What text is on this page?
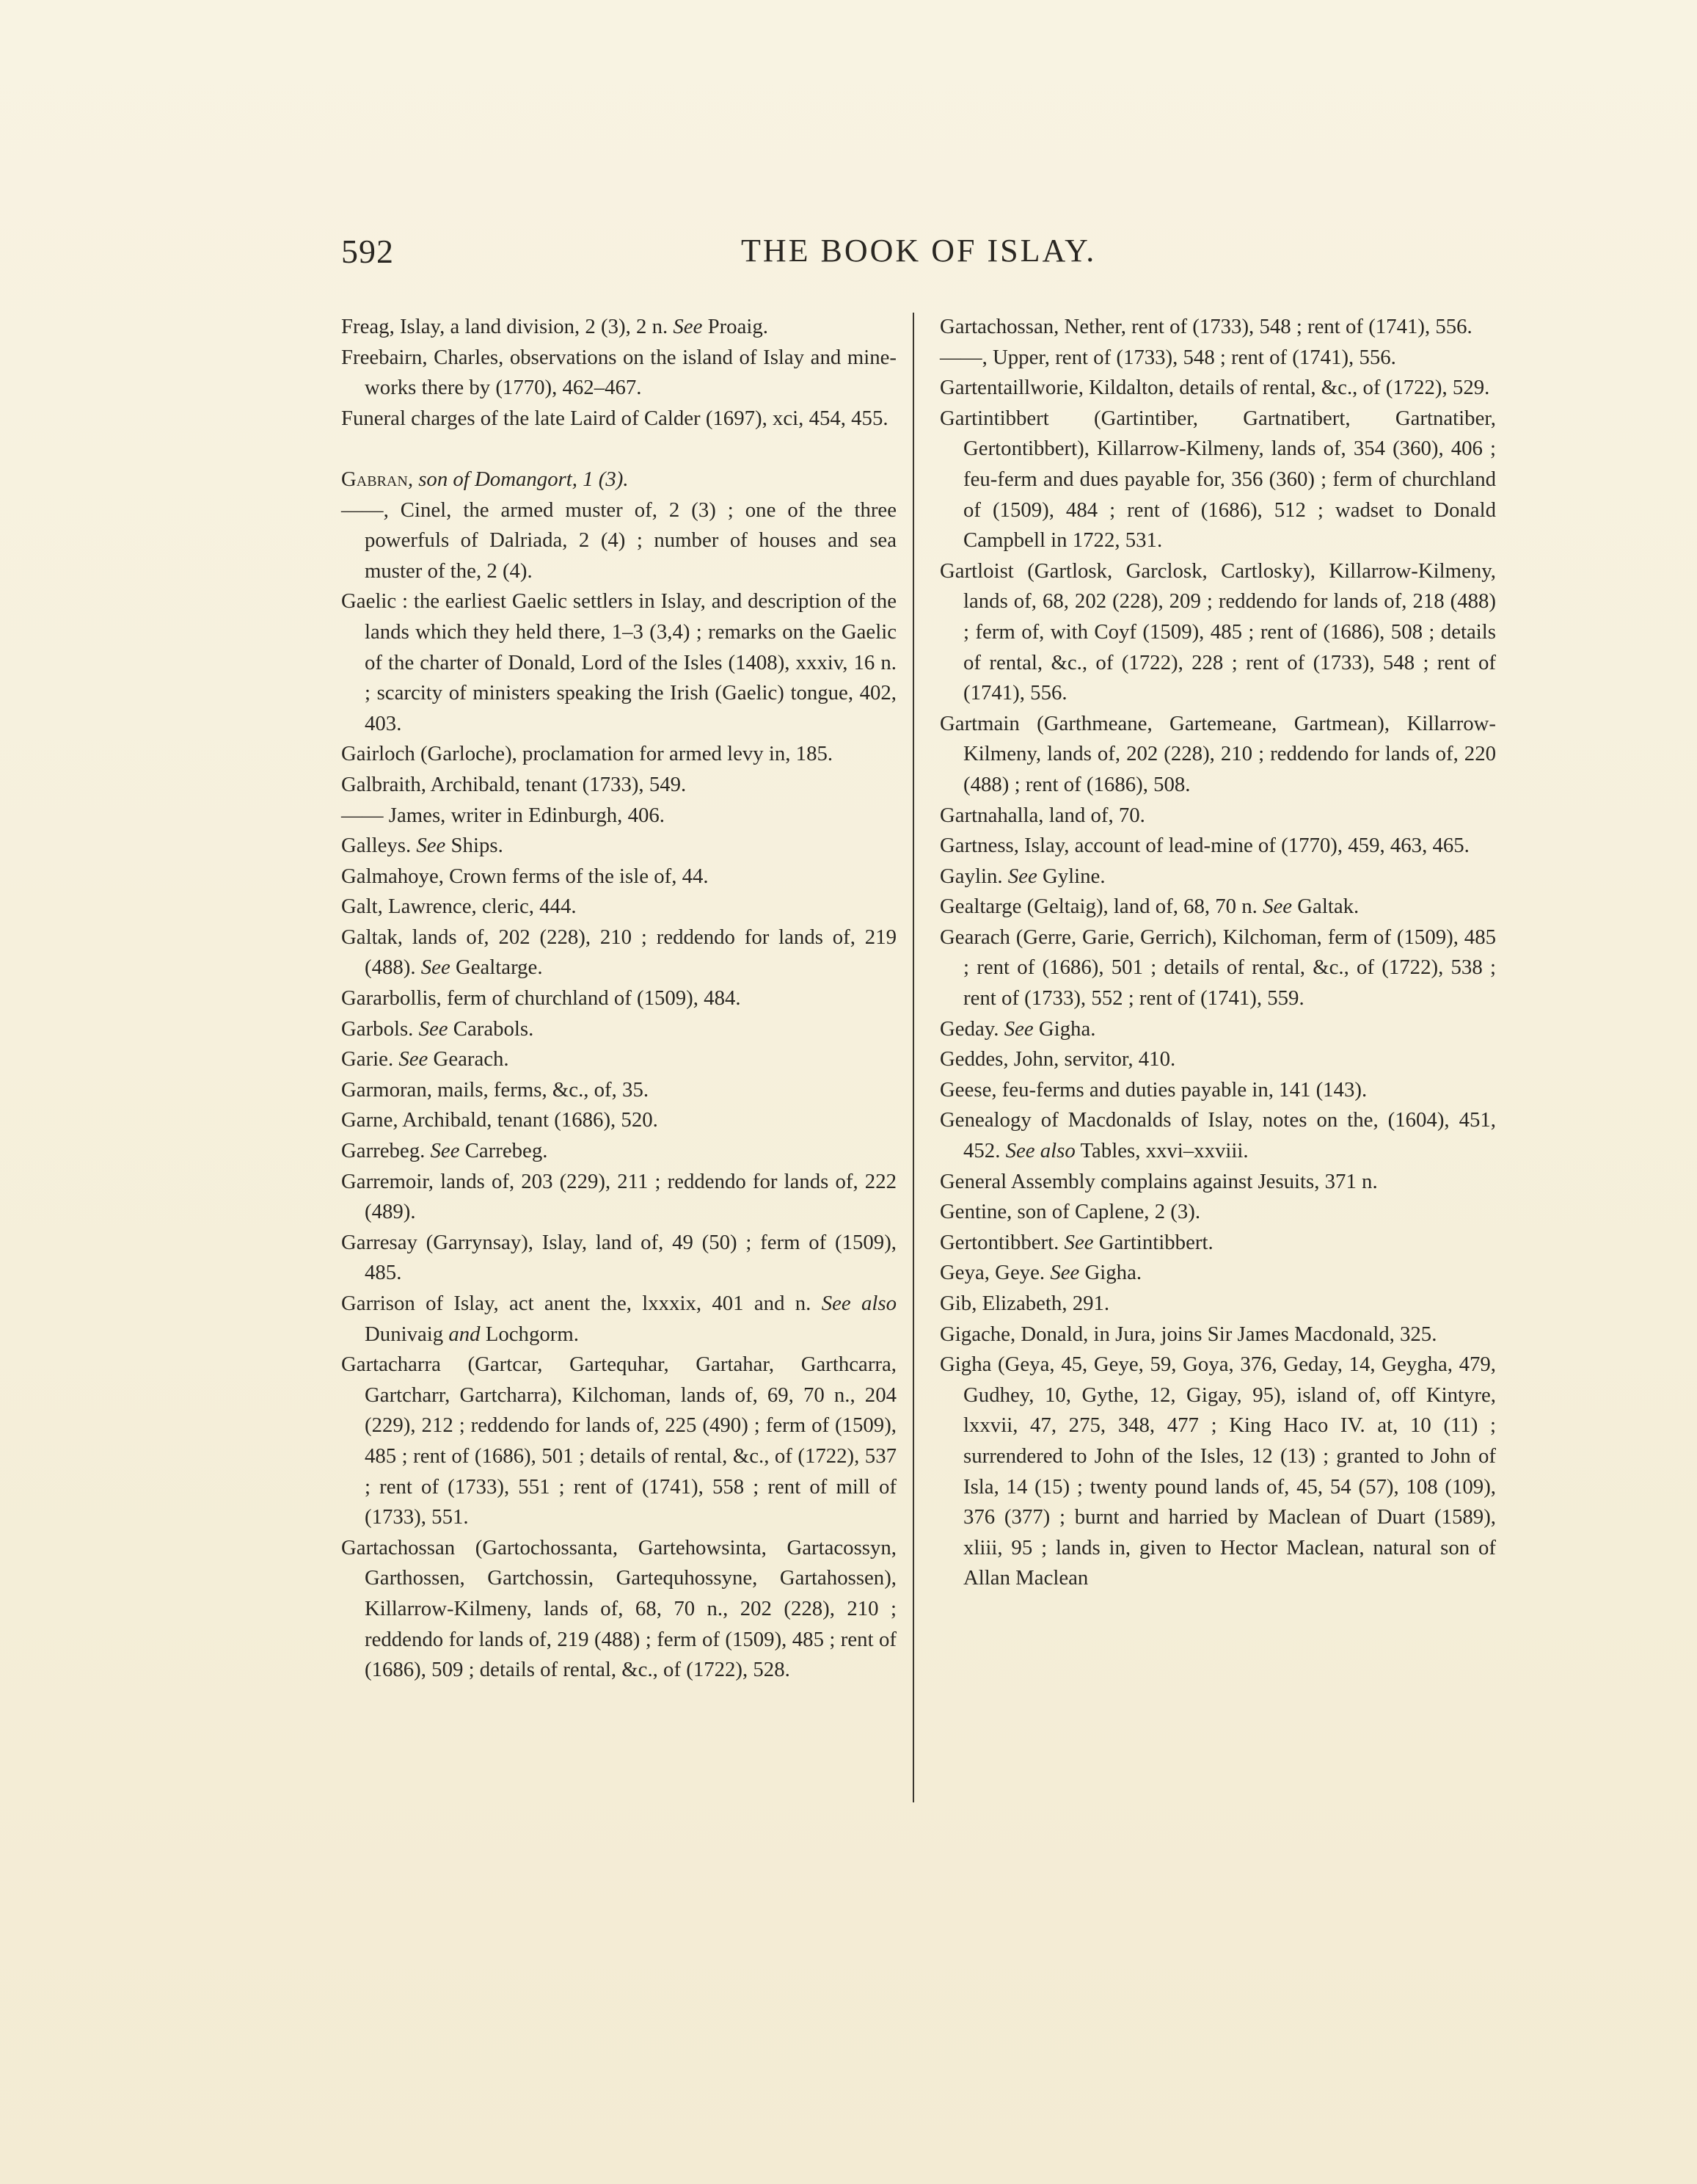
592	THE BOOK OF ISLAY.

Freag, Islay, a land division, 2 (3), 2 n. See Proaig.

Freebairn, Charles, observations on the island of Islay and mine-works there by (1770), 462–467.

Funeral charges of the late Laird of Calder (1697), xci, 454, 455.

Gabran, son of Domangort, 1 (3).

——, Cinel, the armed muster of, 2 (3) ; one of the three powerfuls of Dalriada, 2 (4) ; number of houses and sea muster of the, 2 (4).

Gaelic : the earliest Gaelic settlers in Islay, and description of the lands which they held there, 1–3 (3,4) ; remarks on the Gaelic of the charter of Donald, Lord of the Isles (1408), xxxiv, 16 n. ; scarcity of ministers speaking the Irish (Gaelic) tongue, 402, 403.

Gairloch (Garloche), proclamation for armed levy in, 185.

Galbraith, Archibald, tenant (1733), 549.

—— James, writer in Edinburgh, 406.

Galleys. See Ships.

Galmahoye, Crown ferms of the isle of, 44.

Galt, Lawrence, cleric, 444.

Galtak, lands of, 202 (228), 210 ; reddendo for lands of, 219 (488). See Gealtarge.

Gararbollis, ferm of churchland of (1509), 484.

Garbols. See Carabols.

Garie. See Gearach.

Garmoran, mails, ferms, &c., of, 35.

Garne, Archibald, tenant (1686), 520.

Garrebeg. See Carrebeg.

Garremoir, lands of, 203 (229), 211 ; reddendo for lands of, 222 (489).

Garresay (Garrynsay), Islay, land of, 49 (50) ; ferm of (1509), 485.

Garrison of Islay, act anent the, lxxxix, 401 and n. See also Dunivaig and Lochgorm.

Gartacharra (Gartcar, Gartequhar, Gartahar, Garthcarra, Gartcharr, Gartcharra), Kilchoman, lands of, 69, 70 n., 204 (229), 212 ; reddendo for lands of, 225 (490) ; ferm of (1509), 485 ; rent of (1686), 501 ; details of rental, &c., of (1722), 537 ; rent of (1733), 551 ; rent of (1741), 558 ; rent of mill of (1733), 551.

Gartachossan (Gartochossanta, Gartehowsinta, Gartacossyn, Garthossen, Gartchossin, Gartequhossyne, Gartahossen), Killarrow-Kilmeny, lands of, 68, 70 n., 202 (228), 210 ; reddendo for lands of, 219 (488) ; ferm of (1509), 485 ; rent of (1686), 509 ; details of rental, &c., of (1722), 528.

Gartachossan, Nether, rent of (1733), 548 ; rent of (1741), 556.

——, Upper, rent of (1733), 548 ; rent of (1741), 556.

Gartentaillworie, Kildalton, details of rental, &c., of (1722), 529.

Gartintibbert (Gartintiber, Gartnatibert, Gartnatiber, Gertontibbert), Killarrow-Kilmeny, lands of, 354 (360), 406 ; feu-ferm and dues payable for, 356 (360) ; ferm of churchland of (1509), 484 ; rent of (1686), 512 ; wadset to Donald Campbell in 1722, 531.

Gartloist (Gartlosk, Garclosk, Cartlosky), Killarrow-Kilmeny, lands of, 68, 202 (228), 209 ; reddendo for lands of, 218 (488) ; ferm of, with Coyf (1509), 485 ; rent of (1686), 508 ; details of rental, &c., of (1722), 228 ; rent of (1733), 548 ; rent of (1741), 556.

Gartmain (Garthmeane, Gartemeane, Gartmean), Killarrow-Kilmeny, lands of, 202 (228), 210 ; reddendo for lands of, 220 (488) ; rent of (1686), 508.

Gartnahalla, land of, 70.

Gartness, Islay, account of lead-mine of (1770), 459, 463, 465.

Gaylin. See Gyline.

Gealtarge (Geltaig), land of, 68, 70 n. See Galtak.

Gearach (Gerre, Garie, Gerrich), Kilchoman, ferm of (1509), 485 ; rent of (1686), 501 ; details of rental, &c., of (1722), 538 ; rent of (1733), 552 ; rent of (1741), 559.

Geday. See Gigha.

Geddes, John, servitor, 410.

Geese, feu-ferms and duties payable in, 141 (143).

Genealogy of Macdonalds of Islay, notes on the, (1604), 451, 452. See also Tables, xxvi–xxviii.

General Assembly complains against Jesuits, 371 n.

Gentine, son of Caplene, 2 (3).

Gertontibbert. See Gartintibbert.

Geya, Geye. See Gigha.

Gib, Elizabeth, 291.

Gigache, Donald, in Jura, joins Sir James Macdonald, 325.

Gigha (Geya, 45, Geye, 59, Goya, 376, Geday, 14, Geygha, 479, Gudhey, 10, Gythe, 12, Gigay, 95), island of, off Kintyre, lxxvii, 47, 275, 348, 477 ; King Haco IV. at, 10 (11) ; surrendered to John of the Isles, 12 (13) ; granted to John of Isla, 14 (15) ; twenty pound lands of, 45, 54 (57), 108 (109), 376 (377) ; burnt and harried by Maclean of Duart (1589), xliii, 95 ; lands in, given to Hector Maclean, natural son of Allan Maclean
